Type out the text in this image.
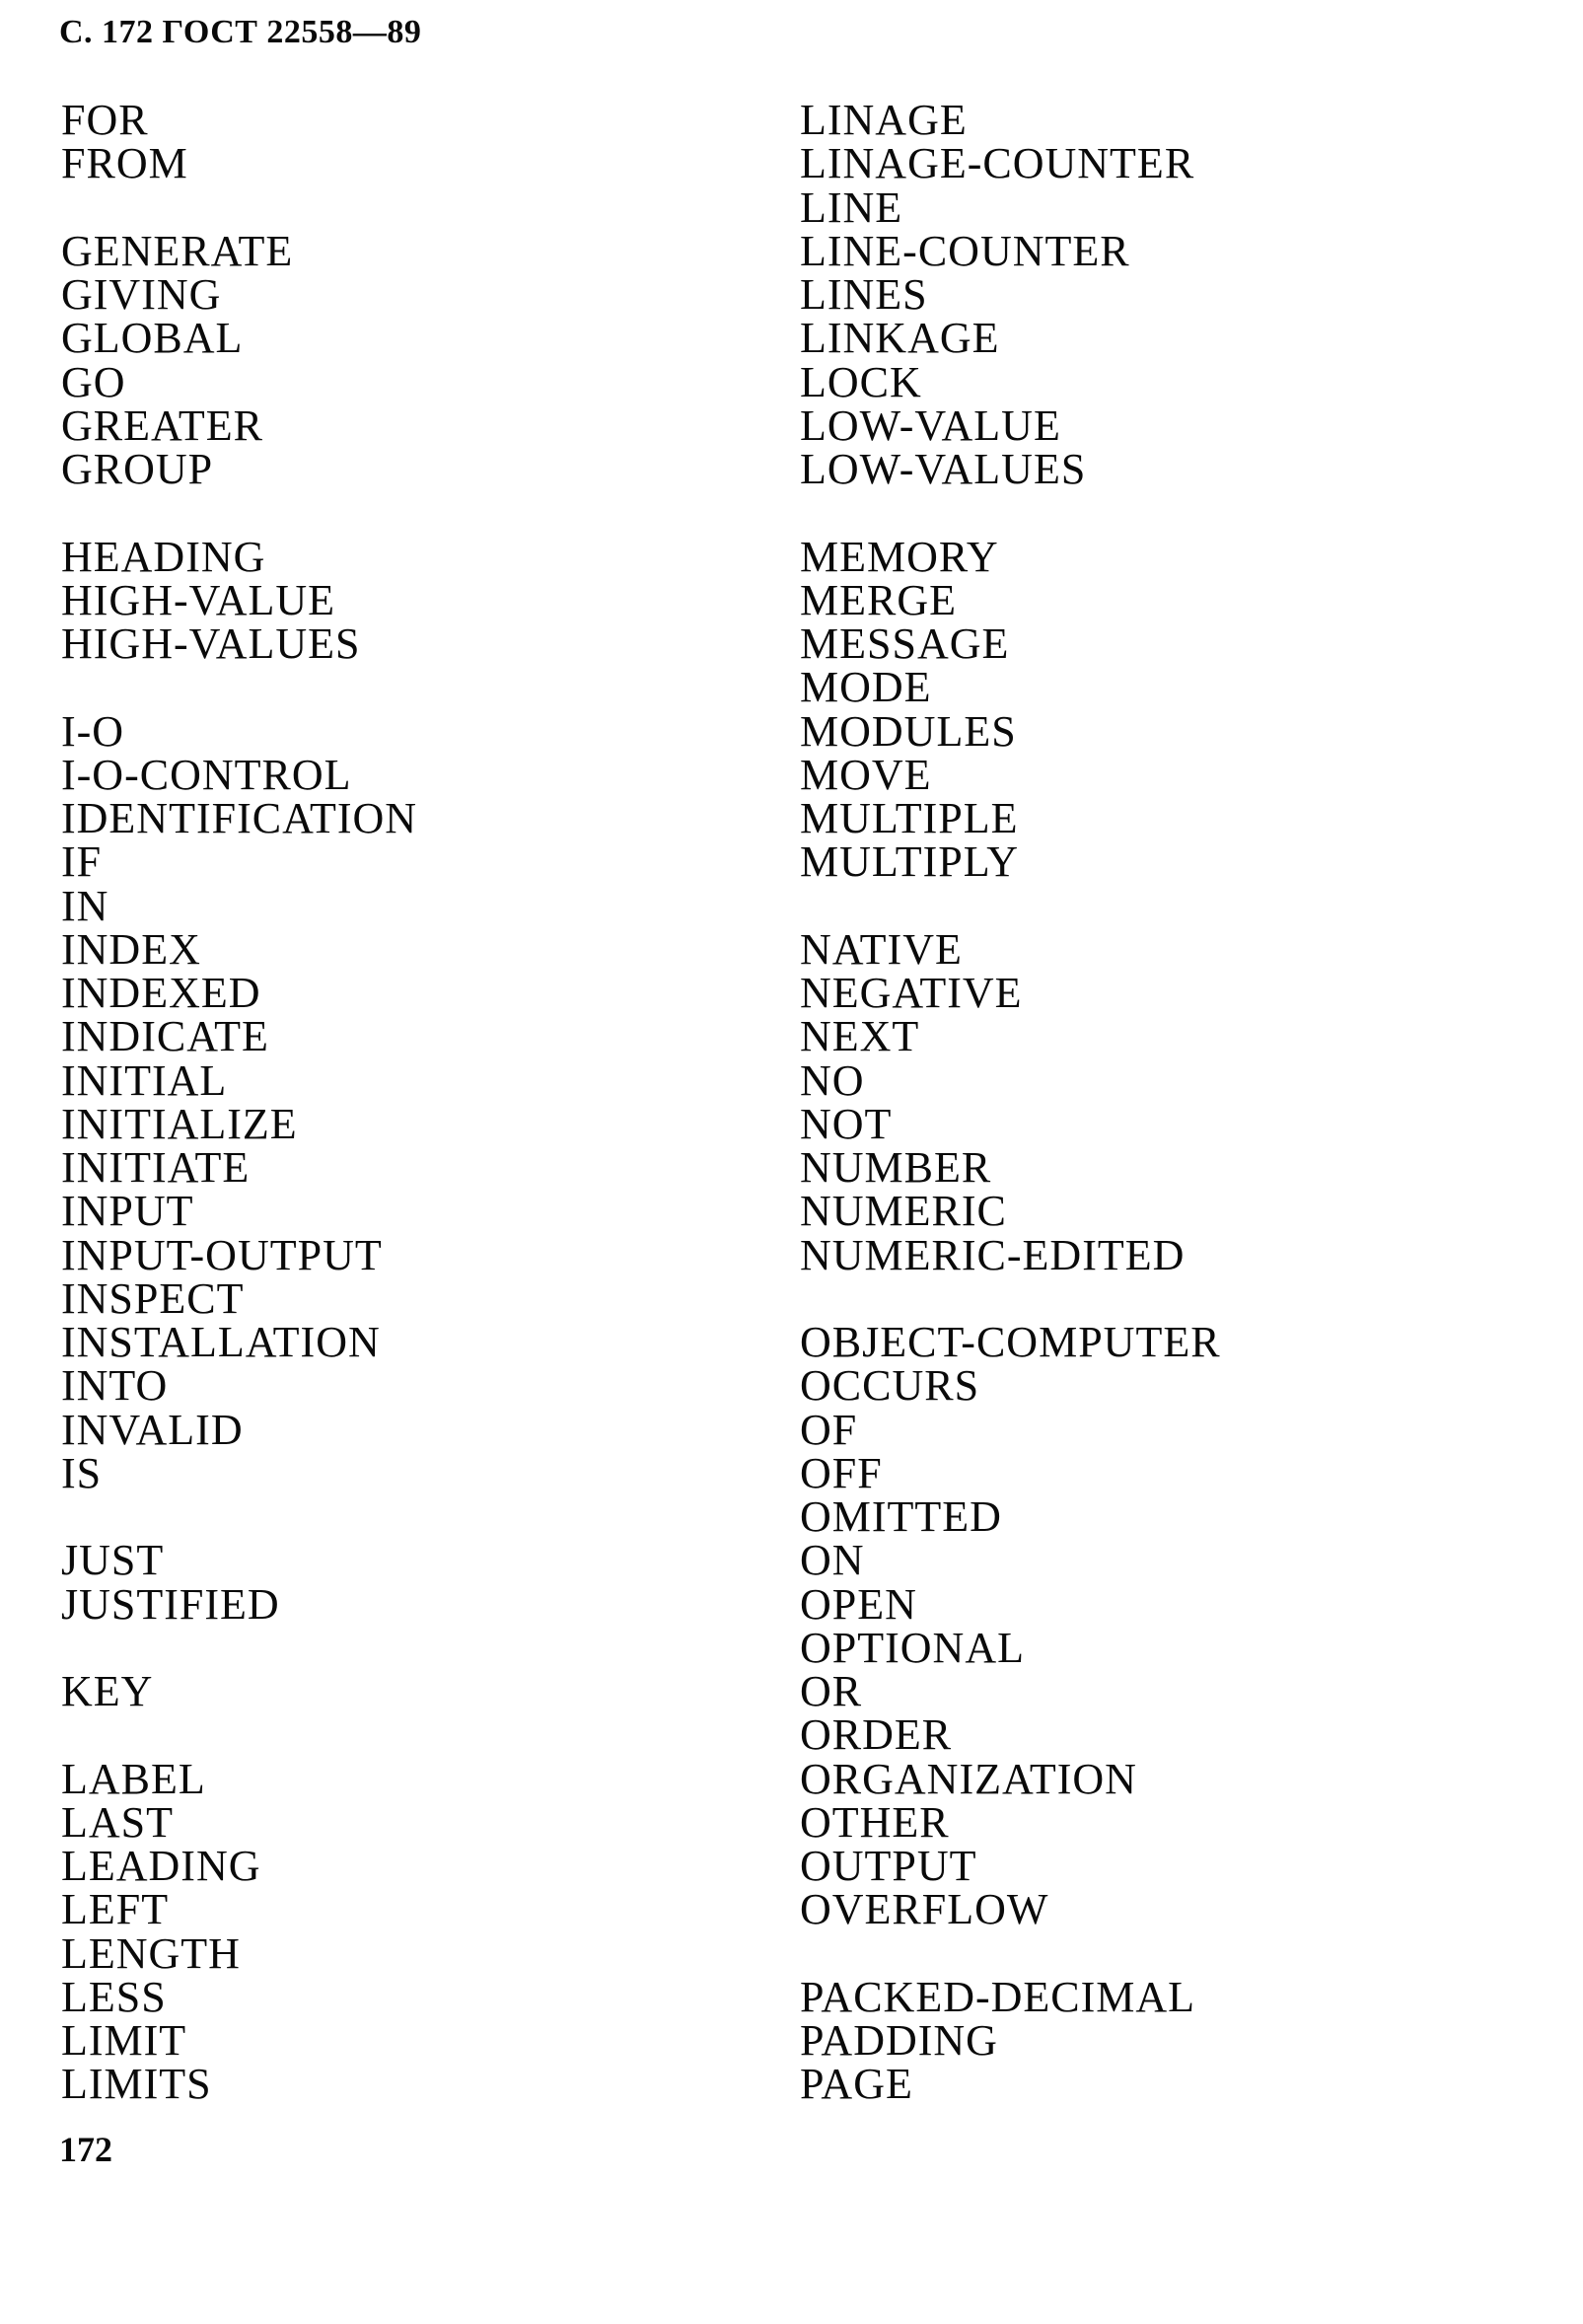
С. 172 ГОСТ 22558—89
FOR
FROM
GENERATE
GIVING
GLOBAL
GO
GREATER
GROUP
HEADING
HIGH-VALUE
HIGH-VALUES
I-O
I-O-CONTROL
IDENTIFICATION
IF
IN
INDEX
INDEXED
INDICATE
INITIAL
INITIALIZE
INITIATE
INPUT
INPUT-OUTPUT
INSPECT
INSTALLATION
INTO
INVALID
IS
JUST
JUSTIFIED
KEY
LABEL
LAST
LEADING
LEFT
LENGTH
LESS
LIMIT
LIMITS
LINAGE
LINAGE-COUNTER
LINE
LINE-COUNTER
LINES
LINKAGE
LOCK
LOW-VALUE
LOW-VALUES
MEMORY
MERGE
MESSAGE
MODE
MODULES
MOVE
MULTIPLE
MULTIPLY
NATIVE
NEGATIVE
NEXT
NO
NOT
NUMBER
NUMERIC
NUMERIC-EDITED
OBJECT-COMPUTER
OCCURS
OF
OFF
OMITTED
ON
OPEN
OPTIONAL
OR
ORDER
ORGANIZATION
OTHER
OUTPUT
OVERFLOW
PACKED-DECIMAL
PADDING
PAGE
172
